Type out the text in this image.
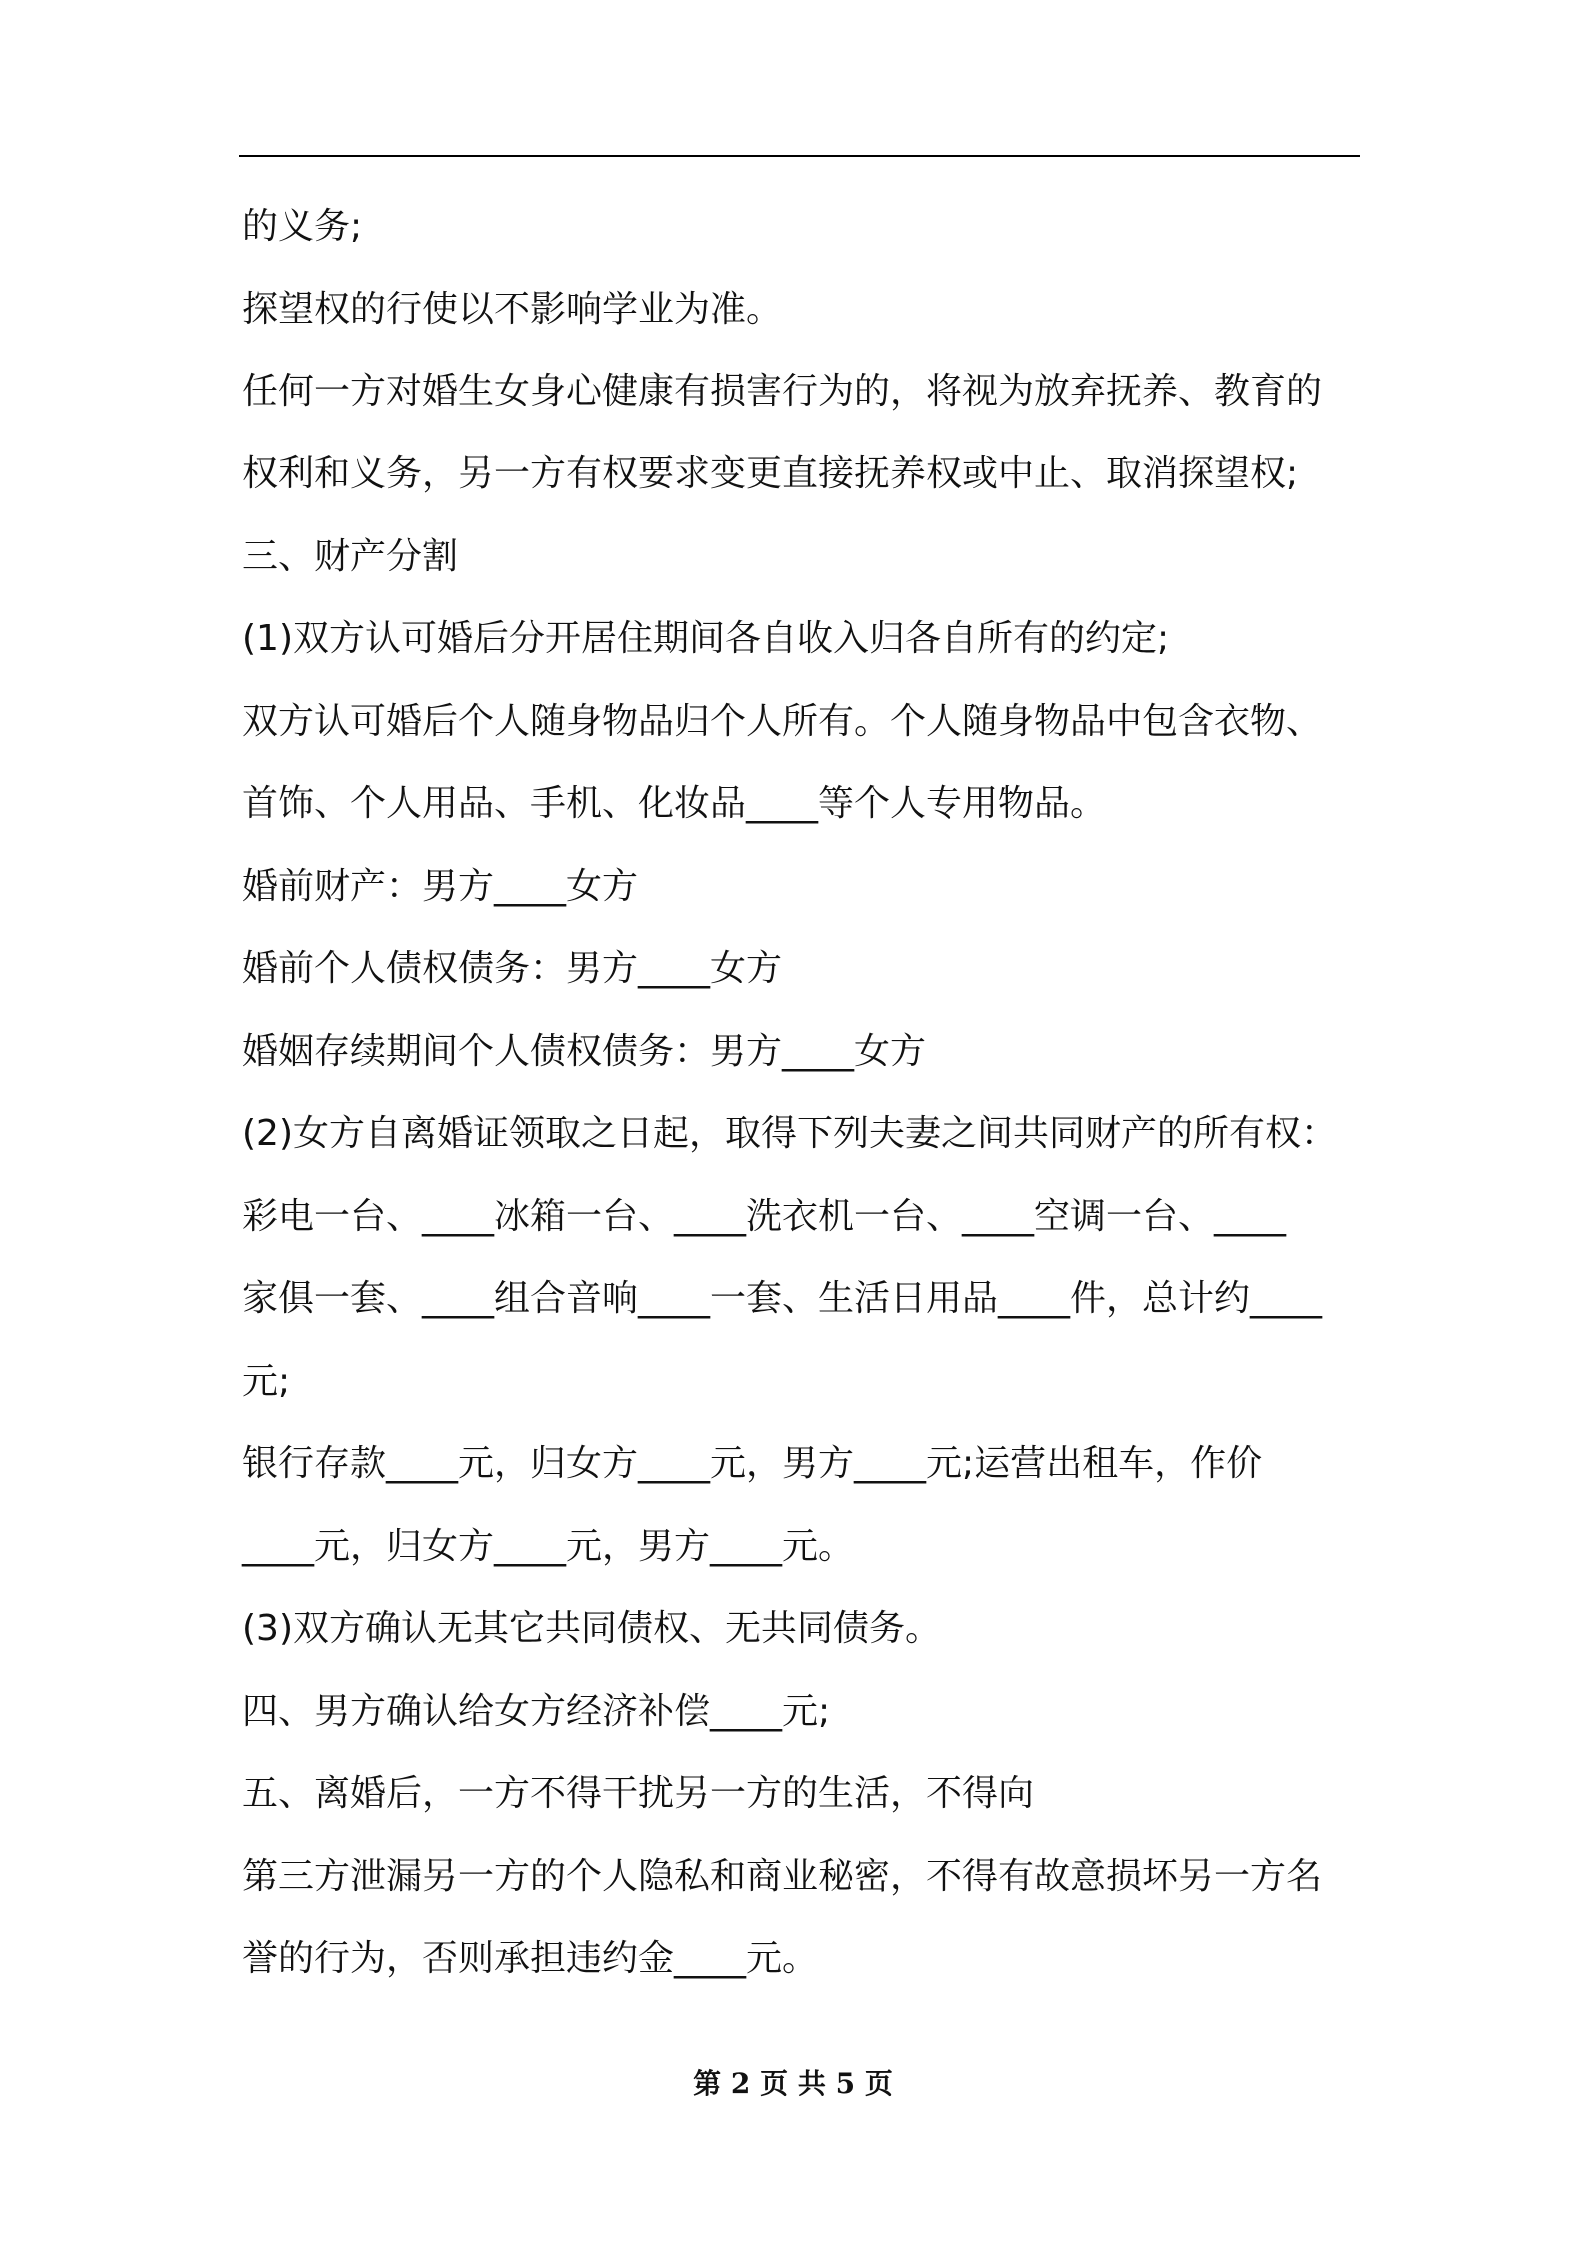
的义务;
探望权的行使以不影响学业为准。
任何一方对婚生女身心健康有损害行为的，将视为放弃抚养、教育的
权利和义务，另一方有权要求变更直接抚养权或中止、取消探望权;
三、财产分割
(1)双方认可婚后分开居住期间各自收入归各自所有的约定;
双方认可婚后个人随身物品归个人所有。个人随身物品中包含衣物、
首饰、个人用品、手机、化妆品____等个人专用物品。
婚前财产：男方____女方
婚前个人债权债务：男方____女方
婚姻存续期间个人债权债务：男方____女方
(2)女方自离婚证领取之日起，取得下列夫妻之间共同财产的所有权：
彩电一台、____冰箱一台、____洗衣机一台、____空调一台、____
家俱一套、____组合音响____一套、生活日用品____件，总计约____
元;
银行存款____元，归女方____元，男方____元;运营出租车，作价
____元，归女方____元，男方____元。
(3)双方确认无其它共同债权、无共同债务。
四、男方确认给女方经济补偿____元;
五、离婚后，一方不得干扰另一方的生活，不得向
第三方泄漏另一方的个人隐私和商业秘密，不得有故意损坏另一方名
誉的行为，否则承担违约金____元。
第 2 页 共 5 页
